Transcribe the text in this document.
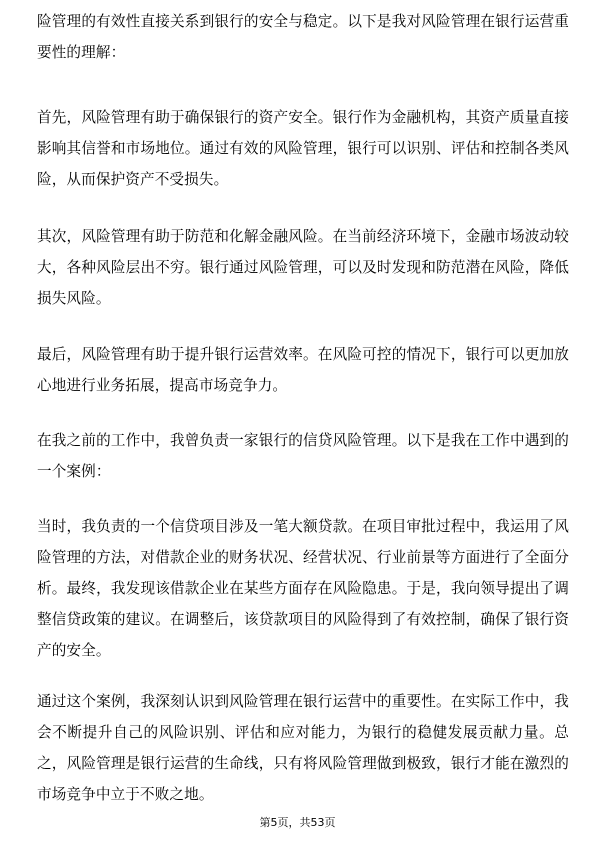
险管理的有效性直接关系到银行的安全与稳定。以下是我对风险管理在银行运营重要性的理解：

首先，风险管理有助于确保银行的资产安全。银行作为金融机构，其资产质量直接影响其信誉和市场地位。通过有效的风险管理，银行可以识别、评估和控制各类风险，从而保护资产不受损失。

其次，风险管理有助于防范和化解金融风险。在当前经济环境下，金融市场波动较大，各种风险层出不穷。银行通过风险管理，可以及时发现和防范潜在风险，降低损失风险。

最后，风险管理有助于提升银行运营效率。在风险可控的情况下，银行可以更加放心地进行业务拓展，提高市场竞争力。

在我之前的工作中，我曾负责一家银行的信贷风险管理。以下是我在工作中遇到的一个案例：

当时，我负责的一个信贷项目涉及一笔大额贷款。在项目审批过程中，我运用了风险管理的方法，对借款企业的财务状况、经营状况、行业前景等方面进行了全面分析。最终，我发现该借款企业在某些方面存在风险隐患。于是，我向领导提出了调整信贷政策的建议。在调整后，该贷款项目的风险得到了有效控制，确保了银行资产的安全。

通过这个案例，我深刻认识到风险管理在银行运营中的重要性。在实际工作中，我会不断提升自己的风险识别、评估和应对能力，为银行的稳健发展贡献力量。总之，风险管理是银行运营的生命线，只有将风险管理做到极致，银行才能在激烈的市场竞争中立于不败之地。

第5页，共53页
